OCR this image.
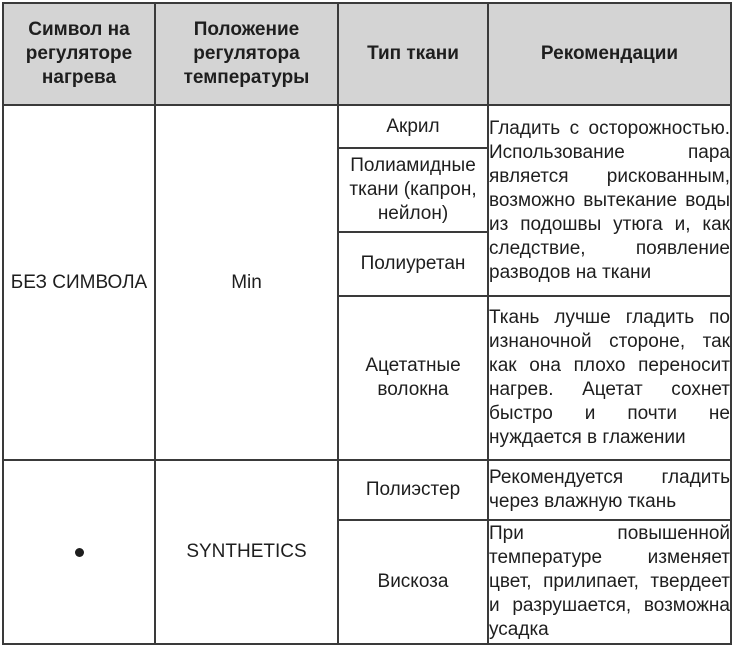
Символ на регуляторе нагрева	Положение регулятора температуры	Тип ткани	Рекомендации
БЕЗ СИМВОЛА	Min	Акрил	Гладить с осторожностью. Использование пара является рискованным, возможно вытекание воды из подошвы утюга и, как следствие, появление разводов на ткани

		Полиамидные ткани (капрон, нейлон)	
		Полиуретан	
		Ацетатные волокна	Ткань лучше гладить по изнаночной стороне, так как она плохо переносит нагрев. Ацетат сохнет быстро и почти не нуждается в глажении

	SYNTHETICS	Полиэстер	Рекомендуется гладить через влажную ткань

		Вискоза	При повышенной температуре изменяет цвет, прилипает, твердеет и разрушается, возможна усадка
